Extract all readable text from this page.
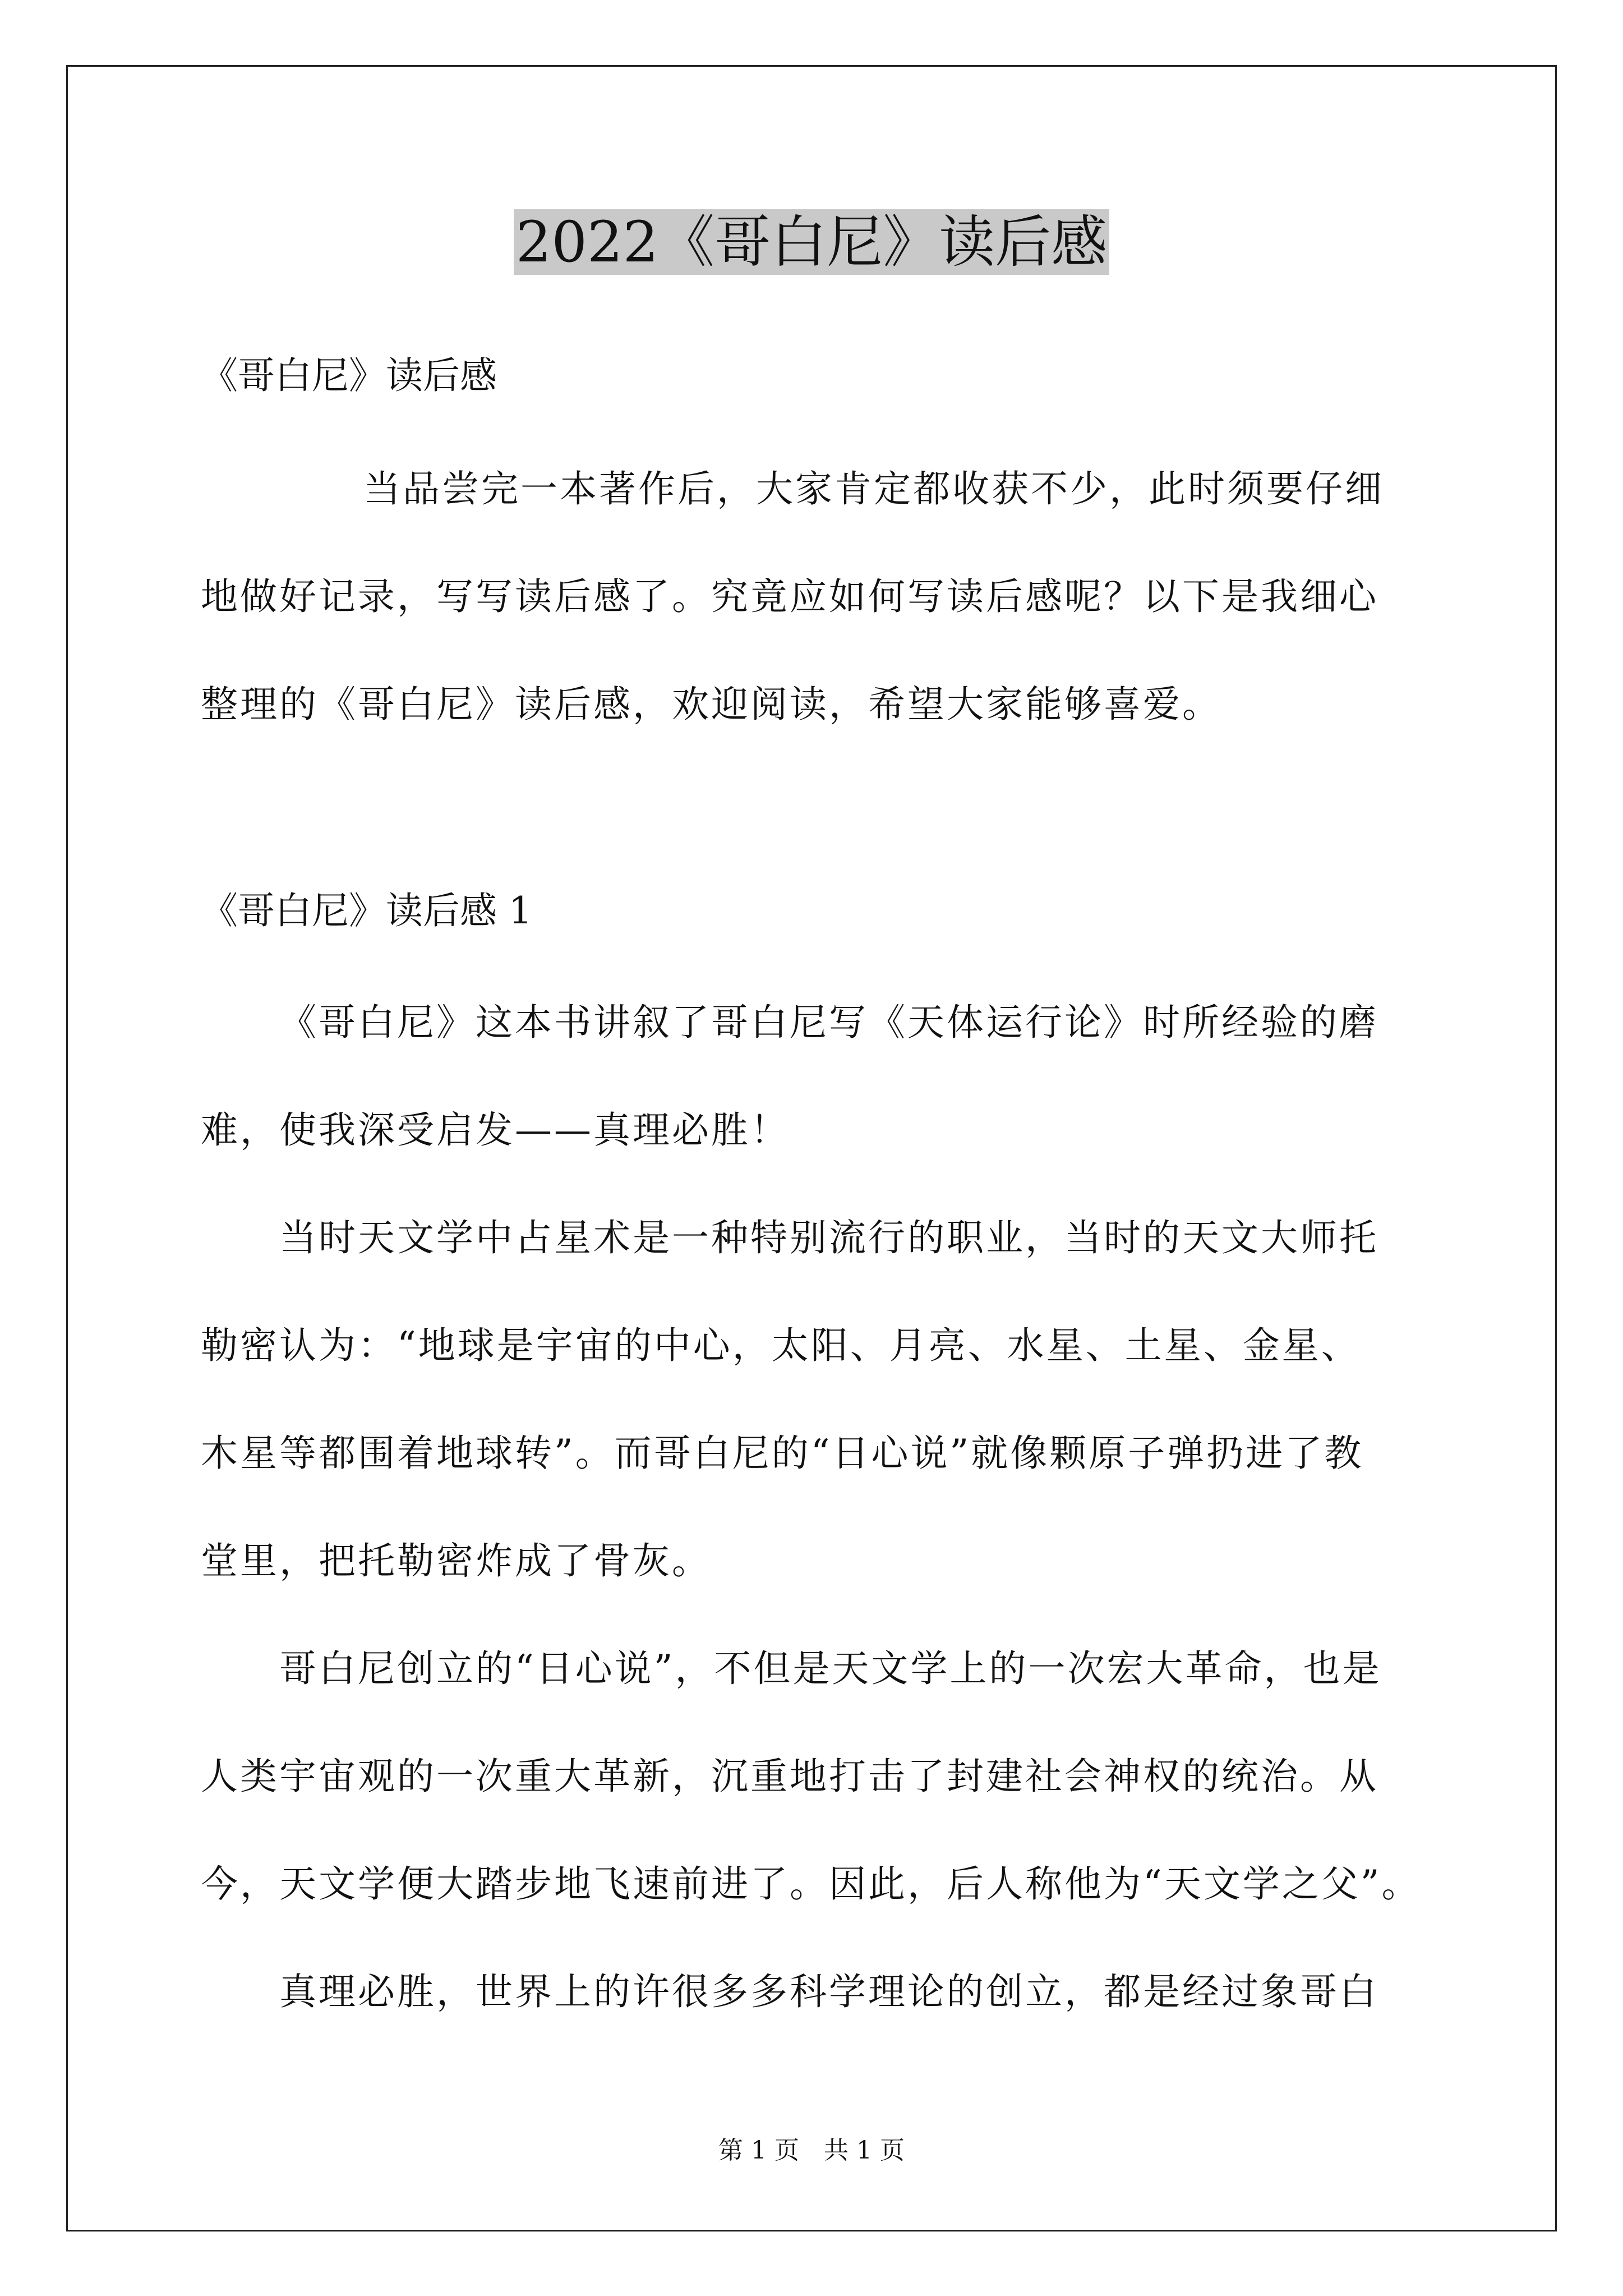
2022《哥白尼》读后感
《哥白尼》读后感
当品尝完一本著作后，大家肯定都收获不少，此时须要仔细
地做好记录，写写读后感了。究竟应如何写读后感呢？以下是我细心
整理的《哥白尼》读后感，欢迎阅读，希望大家能够喜爱。
《哥白尼》读后感 1
《哥白尼》这本书讲叙了哥白尼写《天体运行论》时所经验的磨
难，使我深受启发——真理必胜！
当时天文学中占星术是一种特别流行的职业，当时的天文大师托
勒密认为：“地球是宇宙的中心，太阳、月亮、水星、土星、金星、
木星等都围着地球转”。而哥白尼的“日心说”就像颗原子弹扔进了教
堂里，把托勒密炸成了骨灰。
哥白尼创立的“日心说”，不但是天文学上的一次宏大革命，也是
人类宇宙观的一次重大革新，沉重地打击了封建社会神权的统治。从
今，天文学便大踏步地飞速前进了。因此，后人称他为“天文学之父”。
真理必胜，世界上的许很多多科学理论的创立，都是经过象哥白
第 1 页　共 1 页
